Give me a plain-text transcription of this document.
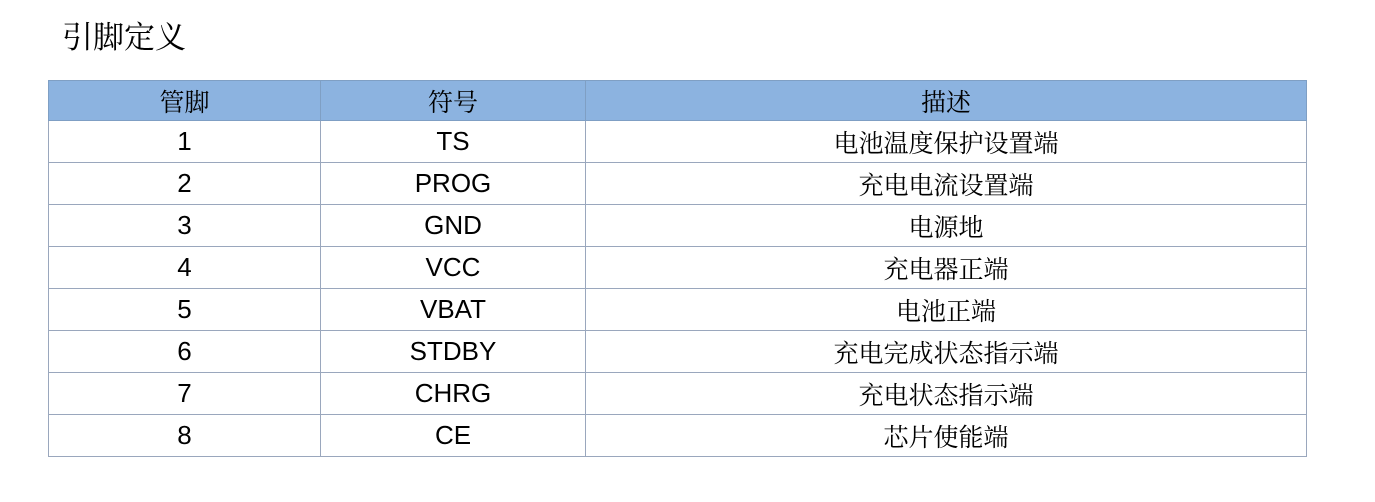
引脚定义
管脚	符号	描述
1	TS	电池温度保护设置端
2	PROG	充电电流设置端
3	GND	电源地
4	VCC	充电器正端
5	VBAT	电池正端
6	STDBY	充电完成状态指示端
7	CHRG	充电状态指示端
8	CE	芯片使能端
